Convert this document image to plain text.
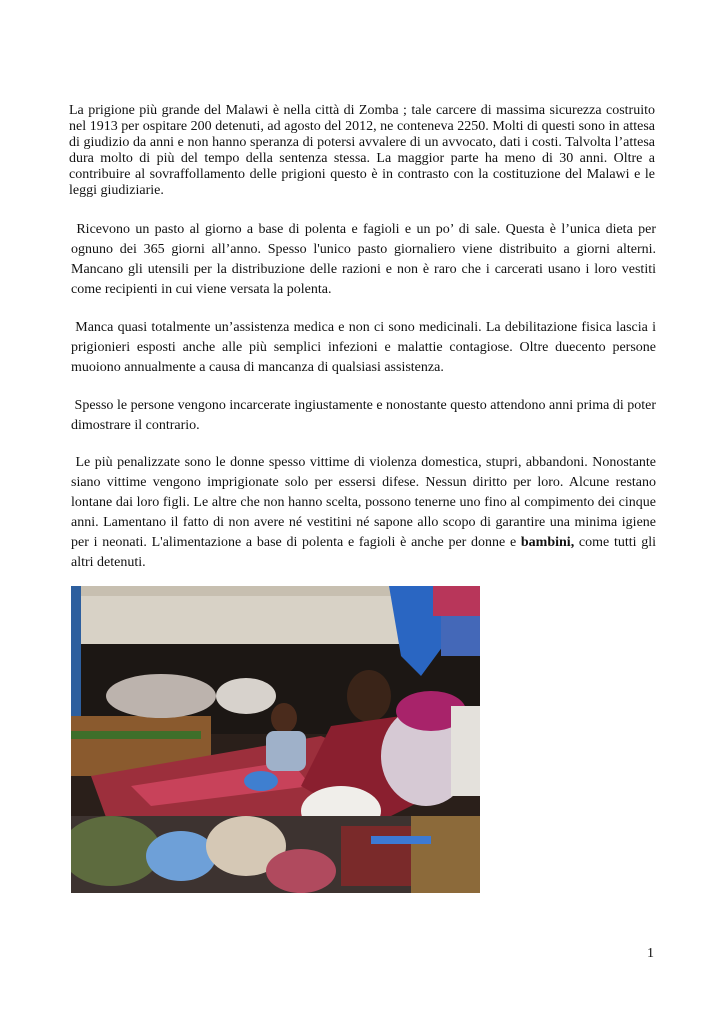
La prigione più grande del Malawi è nella città di Zomba ; tale carcere di massima sicurezza costruito nel 1913 per ospitare 200 detenuti, ad agosto del 2012, ne conteneva 2250. Molti di questi sono in attesa di giudizio da anni e non hanno speranza di potersi avvalere di un avvocato, dati i costi. Talvolta l’attesa dura molto di più del tempo della sentenza stessa. La maggior parte ha meno di 30 anni. Oltre a contribuire al sovraffollamento delle prigioni questo è in contrasto con la costituzione del Malawi e le leggi giudiziarie.

Ricevono un pasto al giorno a base di polenta e fagioli e un po’ di sale. Questa è l’unica dieta per ognuno dei 365 giorni all’anno. Spesso l'unico pasto giornaliero viene distribuito a giorni alterni. Mancano gli utensili per la distribuzione delle razioni e non è raro che i carcerati usano i loro vestiti come recipienti in cui viene versata la polenta.

Manca quasi totalmente un’assistenza medica e non ci sono medicinali. La debilitazione fisica lascia i prigionieri esposti anche alle più semplici infezioni e malattie contagiose. Oltre duecento persone muoiono annualmente a causa di mancanza di qualsiasi assistenza.

Spesso le persone vengono incarcerate ingiustamente e nonostante questo attendono anni prima di poter dimostrare il contrario.

Le più penalizzate sono le donne spesso vittime di violenza domestica, stupri, abbandoni. Nonostante siano vittime vengono imprigionate solo per essersi difese. Nessun diritto per loro. Alcune restano lontane dai loro figli. Le altre che non hanno scelta, possono tenerne uno fino al compimento dei cinque anni. Lamentano il fatto di non avere né vestitini né sapone allo scopo di garantire una minima igiene per i neonati. L'alimentazione a base di polenta e fagioli è anche per donne e bambini, come tutti gli altri detenuti.

1
